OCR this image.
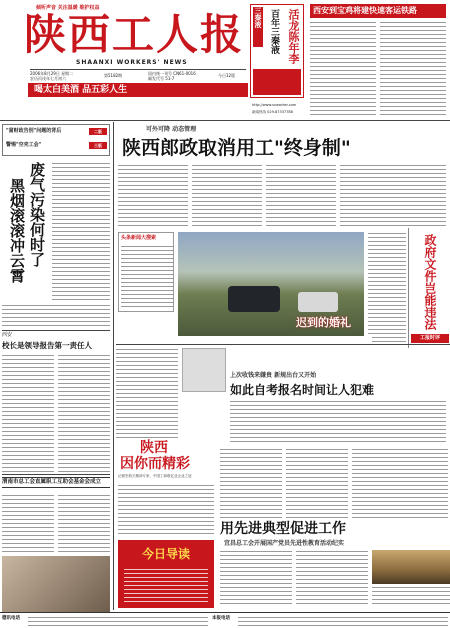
倾听声音 关注温暖 维护权益
陕西工人报
SHAANXI WORKERS' NEWS
2006年8月29日 星期二
农历丙戌年七月初六
第5182期	国内统一刊号 CN61-0016
邮发代号 51-7
今日12版
喝太白美酒 品五彩人生
三秦液 百年三秦液 活龙陈年李
http://www.sxworker.com
新闻热线 029-87337788
西安到宝鸡将建快速客运铁路
"富财政告别"问题的背后	二版
警惕"空壳工会"	三版
废气污染何时了
黑烟滚滚冲云霄
西安
校长是领导报告第一责任人
渭南市总工会直属职工互助会基金会成立
可外可降 动态管理
陕西郎政取消用工"终身制"
头条新闻大搜索
迟到的婚礼	政府文件岂能违法
工报时评
上次收钱来嫌贵 新规出台又开始
如此自考报名时间让人犯难
陕西
因你而精彩
记载史航天精神专家，中国工商联亿业企业之冠
今日导读
用先进典型促进工作
宜昌总工会开展国产党员先进性教育活动纪实
德讯电话	本报电话
